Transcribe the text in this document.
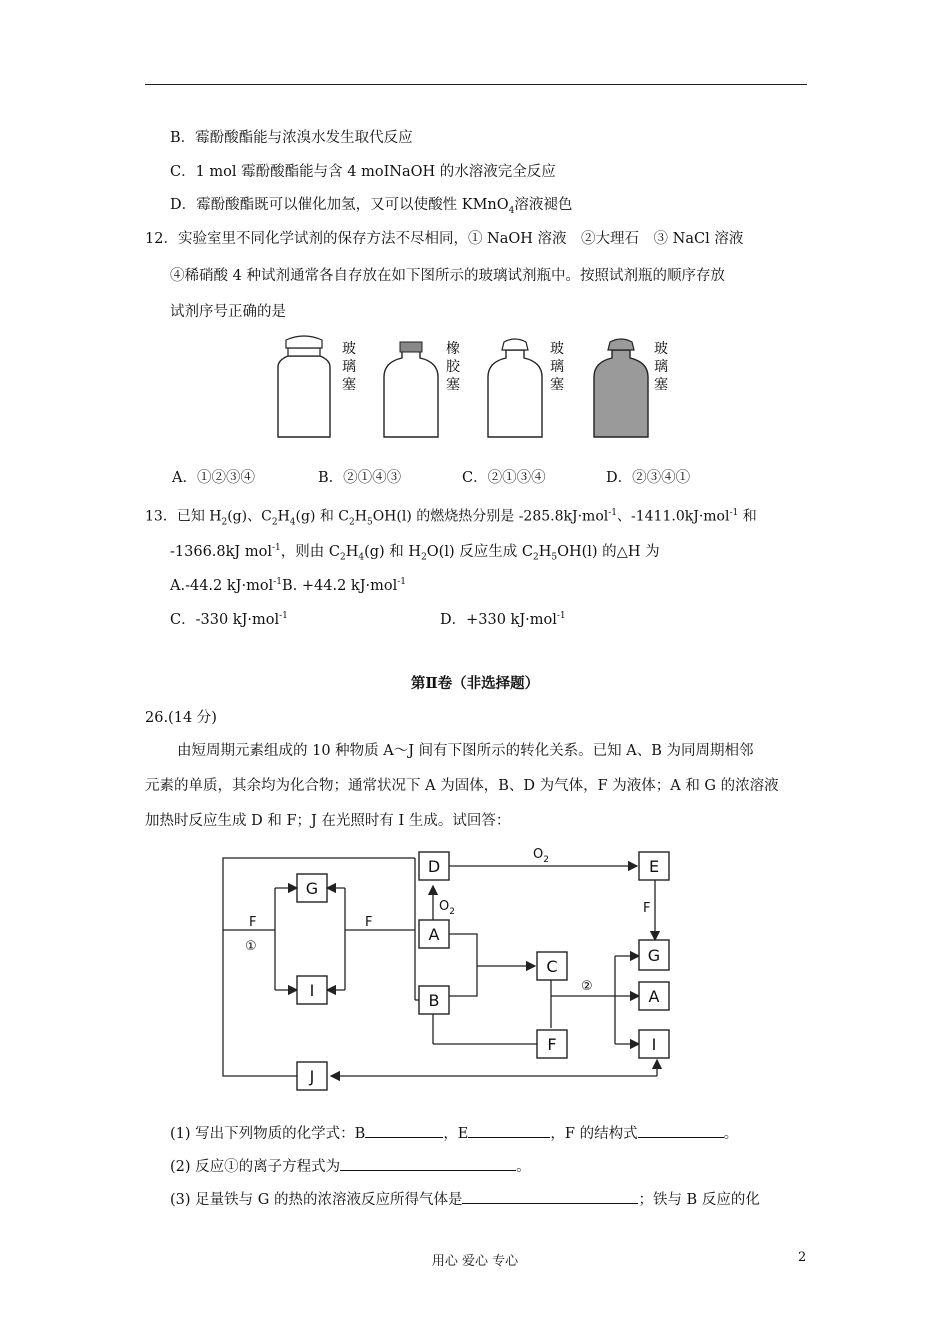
B．霉酚酸酯能与浓溴水发生取代反应
C．1 mol 霉酚酸酯能与含 4 moINaOH 的水溶液完全反应
D．霉酚酸酯既可以催化加氢，又可以使酸性 KMnO$_4$溶液褪色
12．实验室里不同化学试剂的保存方法不尽相同，① NaOH 溶液　②大理石　③ NaCl 溶液
④稀硝酸 4 种试剂通常各自存放在如下图所示的玻璃试剂瓶中。按照试剂瓶的顺序存放
试剂序号正确的是
玻
璃
塞
橡
胶
塞
玻
璃
塞
玻
璃
塞
A．①②③④	B．②①④③	C．②①③④	D．②③④①
13．已知 $H_2(g)$、$C_2H_4(g)$ 和 $C_2H_5OH(l)$ 的燃烧热分别是 -285.8kJ·mol$^{-1}$、-1411.0kJ·mol$^{-1}$ 和
-1366.8kJ mol$^{-1}$，则由 $C_2H_4(g)$ 和 $H_2O(l)$ 反应生成 $C_2H_5OH(l)$ 的△H 为
A.-44.2 kJ·mol$^{-1}$B. +44.2 kJ·mol$^{-1}$
C．-330 kJ·mol$^{-1}$	D．+330 kJ·mol$^{-1}$
第Ⅱ卷（非选择题）
26.(14 分)
由短周期元素组成的 10 种物质 A～J 间有下图所示的转化关系。已知 A、B 为同周期相邻
元素的单质，其余均为化合物；通常状况下 A 为固体，B、D 为气体，F 为液体；A 和 G 的浓溶液
加热时反应生成 D 和 F；J 在光照时有 I 生成。试回答：
D	E
G
A
C
G
A
I
B
F	I
J
$O_2$
$O_2$
F
①
F
F
②
(1) 写出下列物质的化学式：B	，E	，F 的结构式	。
(2) 反应①的离子方程式为	。
(3) 足量铁与 G 的热的浓溶液反应所得气体是	；铁与 B 反应的化
用心 爱心 专心	2
